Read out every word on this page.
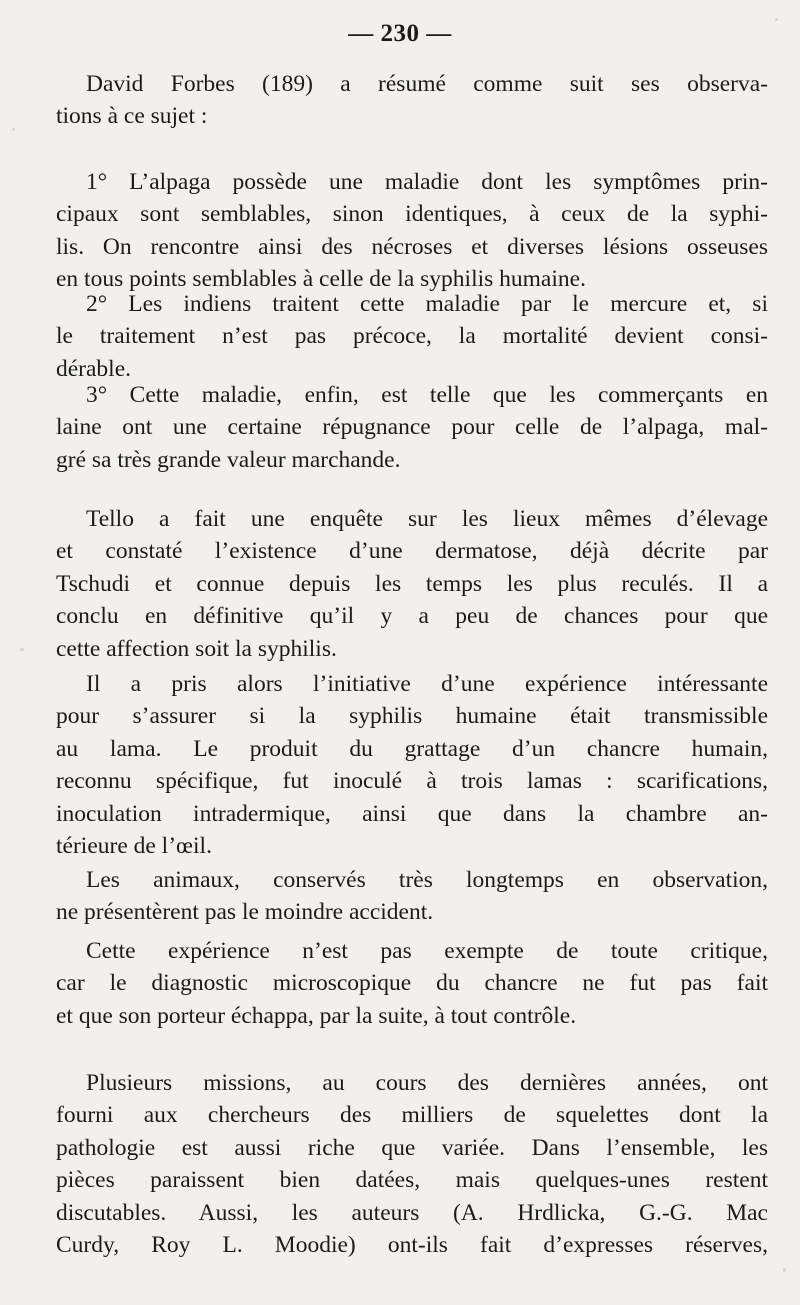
— 230 —
David Forbes (189) a résumé comme suit ses observa-
tions à ce sujet :
1° L’alpaga possède une maladie dont les symptômes prin-
cipaux sont semblables, sinon identiques, à ceux de la syphi-
lis. On rencontre ainsi des nécroses et diverses lésions osseuses
en tous points semblables à celle de la syphilis humaine.
2° Les indiens traitent cette maladie par le mercure et, si
le traitement n’est pas précoce, la mortalité devient consi-
dérable.
3° Cette maladie, enfin, est telle que les commerçants en
laine ont une certaine répugnance pour celle de l’alpaga, mal-
gré sa très grande valeur marchande.
Tello a fait une enquête sur les lieux mêmes d’élevage
et constaté l’existence d’une dermatose, déjà décrite par
Tschudi et connue depuis les temps les plus reculés. Il a
conclu en définitive qu’il y a peu de chances pour que
cette affection soit la syphilis.
Il a pris alors l’initiative d’une expérience intéressante
pour s’assurer si la syphilis humaine était transmissible
au lama. Le produit du grattage d’un chancre humain,
reconnu spécifique, fut inoculé à trois lamas : scarifications,
inoculation intradermique, ainsi que dans la chambre an-
térieure de l’œil.
Les animaux, conservés très longtemps en observation,
ne présentèrent pas le moindre accident.
Cette expérience n’est pas exempte de toute critique,
car le diagnostic microscopique du chancre ne fut pas fait
et que son porteur échappa, par la suite, à tout contrôle.
Plusieurs missions, au cours des dernières années, ont
fourni aux chercheurs des milliers de squelettes dont la
pathologie est aussi riche que variée. Dans l’ensemble, les
pièces paraissent bien datées, mais quelques-unes restent
discutables. Aussi, les auteurs (A. Hrdlicka, G.-G. Mac
Curdy, Roy L. Moodie) ont-ils fait d’expresses réserves,
